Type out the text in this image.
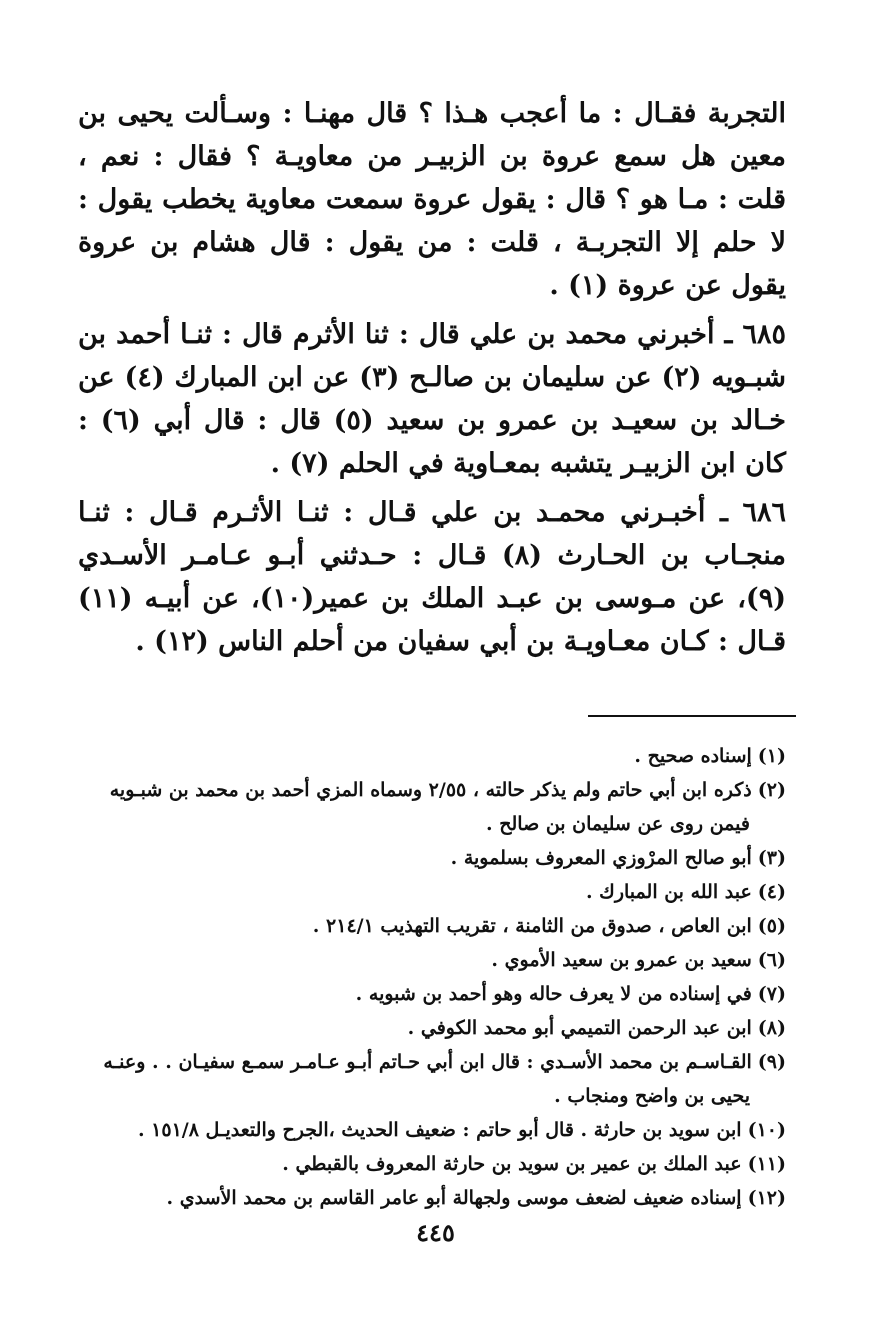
التجربة فقـال : ما أعجب هـذا ؟ قال مهنـا : وسـألت يحيى بن معين هل سمع عروة بن الزبيـر من معاويـة ؟ فقال : نعم ، قلت : مـا هو ؟ قال : يقول عروة سمعت معاوية يخطب يقول : لا حلم إلا التجربـة ، قلت : من يقول : قال هشام بن عروة يقول عن عروة (١) .

٦٨٥ ـ أخبرني محمد بن علي قال : ثنا الأثرم قال : ثنـا أحمد بن شبـويه (٢) عن سليمان بن صالـح (٣) عن ابن المبارك (٤) عن خـالد بن سعيـد بن عمرو بن سعيد (٥) قال : قال أبي (٦) : كان ابن الزبيـر يتشبه بمعـاوية في الحلم (٧) .

٦٨٦ ـ أخبـرني محمـد بن علي قـال : ثنـا الأثـرم قـال : ثنـا منجـاب بن الحـارث (٨) قـال : حـدثني أبـو عـامـر الأسـدي (٩)، عن مـوسى بن عبـد الملك بن عمير(١٠)، عن أبيـه (١١) قـال : كـان معـاويـة بن أبي سفيان من أحلم الناس (١٢) .

(١)إسناده صحيح .

(٢)ذكره ابن أبي حاتم ولم يذكر حالته ، ٢/٥٥ وسماه المزي أحمد بن محمد بن شبـويه

فيمن روى عن سليمان بن صالح .

(٣)أبو صالح المرْوزي المعروف بسلموية .

(٤)عبد الله بن المبارك .

(٥)ابن العاص ، صدوق من الثامنة ، تقريب التهذيب ٢١٤/١ .

(٦)سعيد بن عمرو بن سعيد الأموي .

(٧)في إسناده من لا يعرف حاله وهو أحمد بن شبويه .

(٨)ابن عبد الرحمن التميمي أبو محمد الكوفي .

(٩)القـاسـم بن محمد الأسـدي : قال ابن أبي حـاتم أبـو عـامـر سمـع سفيـان . . وعنـه

يحيى بن واضح ومنجاب .

(١٠)ابن سويد بن حارثة . قال أبو حاتم : ضعيف الحديث ،الجرح والتعديـل ١٥١/٨ .

(١١)عبد الملك بن عمير بن سويد بن حارثة المعروف بالقبطي .

(١٢)إسناده ضعيف لضعف موسى ولجهالة أبو عامر القاسم بن محمد الأسدي .

٤٤٥
